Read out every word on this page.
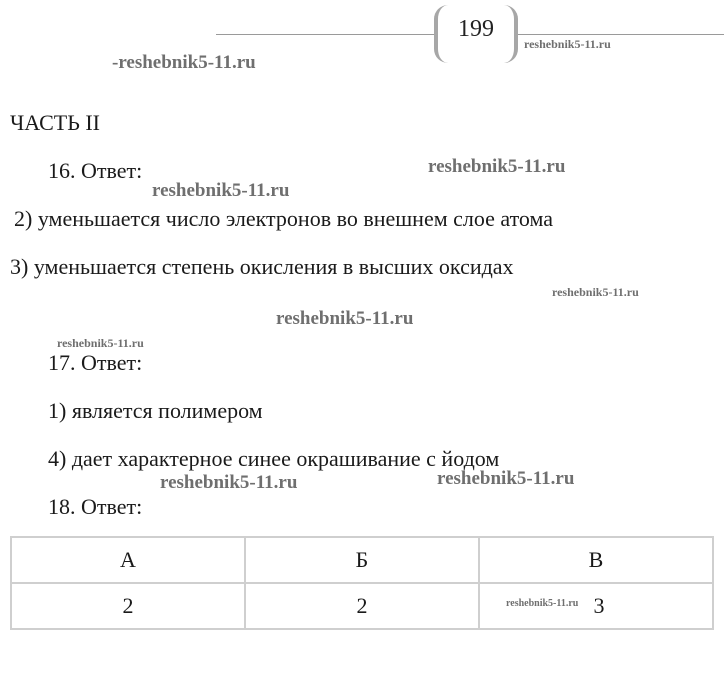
199
reshebnik5-11.ru
-reshebnik5-11.ru
reshebnik5-11.ru
reshebnik5-11.ru
reshebnik5-11.ru
reshebnik5-11.ru
reshebnik5-11.ru
reshebnik5-11.ru	reshebnik5-11.ru
ЧАСТЬ II
16. Ответ:
2) уменьшается число электронов во внешнем слое атома
3) уменьшается степень окисления в высших оксидах
17. Ответ:
1) является полимером
4) дает характерное синее окрашивание с йодом
18. Ответ:
А	Б	В
2	2	reshebnik5-11.ru 3
